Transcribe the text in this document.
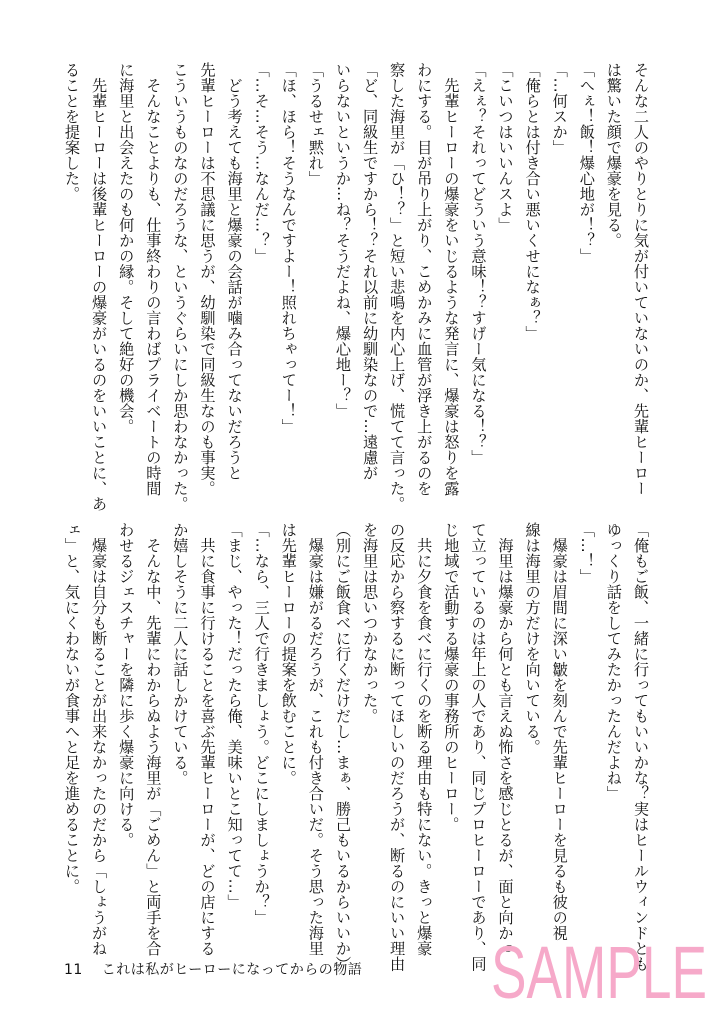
そんな二人のやりとりに気が付いていないのか、先輩ヒーロー

は驚いた顔で爆豪を見る。

「へぇ！飯！爆心地が！？」

「…何スか」

「俺らとは付き合い悪いくせになぁ？」

「こいつはいいんスよ」

「えぇ？それってどういう意味！？すげー気になる！？」

　先輩ヒーローの爆豪をいじるような発言に、爆豪は怒りを露

わにする。目が吊り上がり、こめかみに血管が浮き上がるのを

察した海里が「ひ！？」と短い悲鳴を内心上げ、慌てて言った。

「ど、同級生ですから！？それ以前に幼馴染なので…遠慮が

いらないというか…ね？そうだよね、爆心地ー？」

「うるせェ黙れ」

「ほ、ほら！そうなんですよー！照れちゃってー！」

「…そ…そう…なんだ…？」

　どう考えても海里と爆豪の会話が噛み合ってないだろうと

先輩ヒーローは不思議に思うが、幼馴染で同級生なのも事実。

こういうものなのだろうな、というぐらいにしか思わなかった。

　そんなことよりも、仕事終わりの言わばプライベートの時間

に海里と出会えたのも何かの縁。そして絶好の機会。

　先輩ヒーローは後輩ヒーローの爆豪がいるのをいいことに、あ

ることを提案した。

「俺もご飯、一緒に行ってもいいかな？実はヒールウィンドとも

ゆっくり話をしてみたかったんだよね」

「…！」

　爆豪は眉間に深い皺を刻んで先輩ヒーローを見るも彼の視

線は海里の方だけを向いている。

　海里は爆豪から何とも言えぬ怖さを感じとるが、面と向かっ

て立っているのは年上の人であり、同じプロヒーローであり、同

じ地域で活動する爆豪の事務所のヒーロー。

　共に夕食を食べに行くのを断る理由も特にない。きっと爆豪

の反応から察するに断ってほしいのだろうが、断るのにいい理由

を海里は思いつかなかった。

（別にご飯食べに行くだけだし…まぁ、勝己もいるからいいか）

　爆豪は嫌がるだろうが、これも付き合いだ。そう思った海里

は先輩ヒーローの提案を飲むことに。

「…なら、三人で行きましょう。どこにしましょうか？」

「まじ、やった！だったら俺、美味いとこ知ってて…」

　共に食事に行けることを喜ぶ先輩ヒーローが、どの店にする

か嬉しそうに二人に話しかけている。

　そんな中、先輩にわからぬよう海里が「ごめん」と両手を合

わせるジェスチャーを隣に歩く爆豪に向ける。

　爆豪は自分も断ることが出来なかったのだから「しょうがね

ェ」と、気にくわないが食事へと足を進めることに。

11 これは私がヒーローになってからの物語 SAMPLE
